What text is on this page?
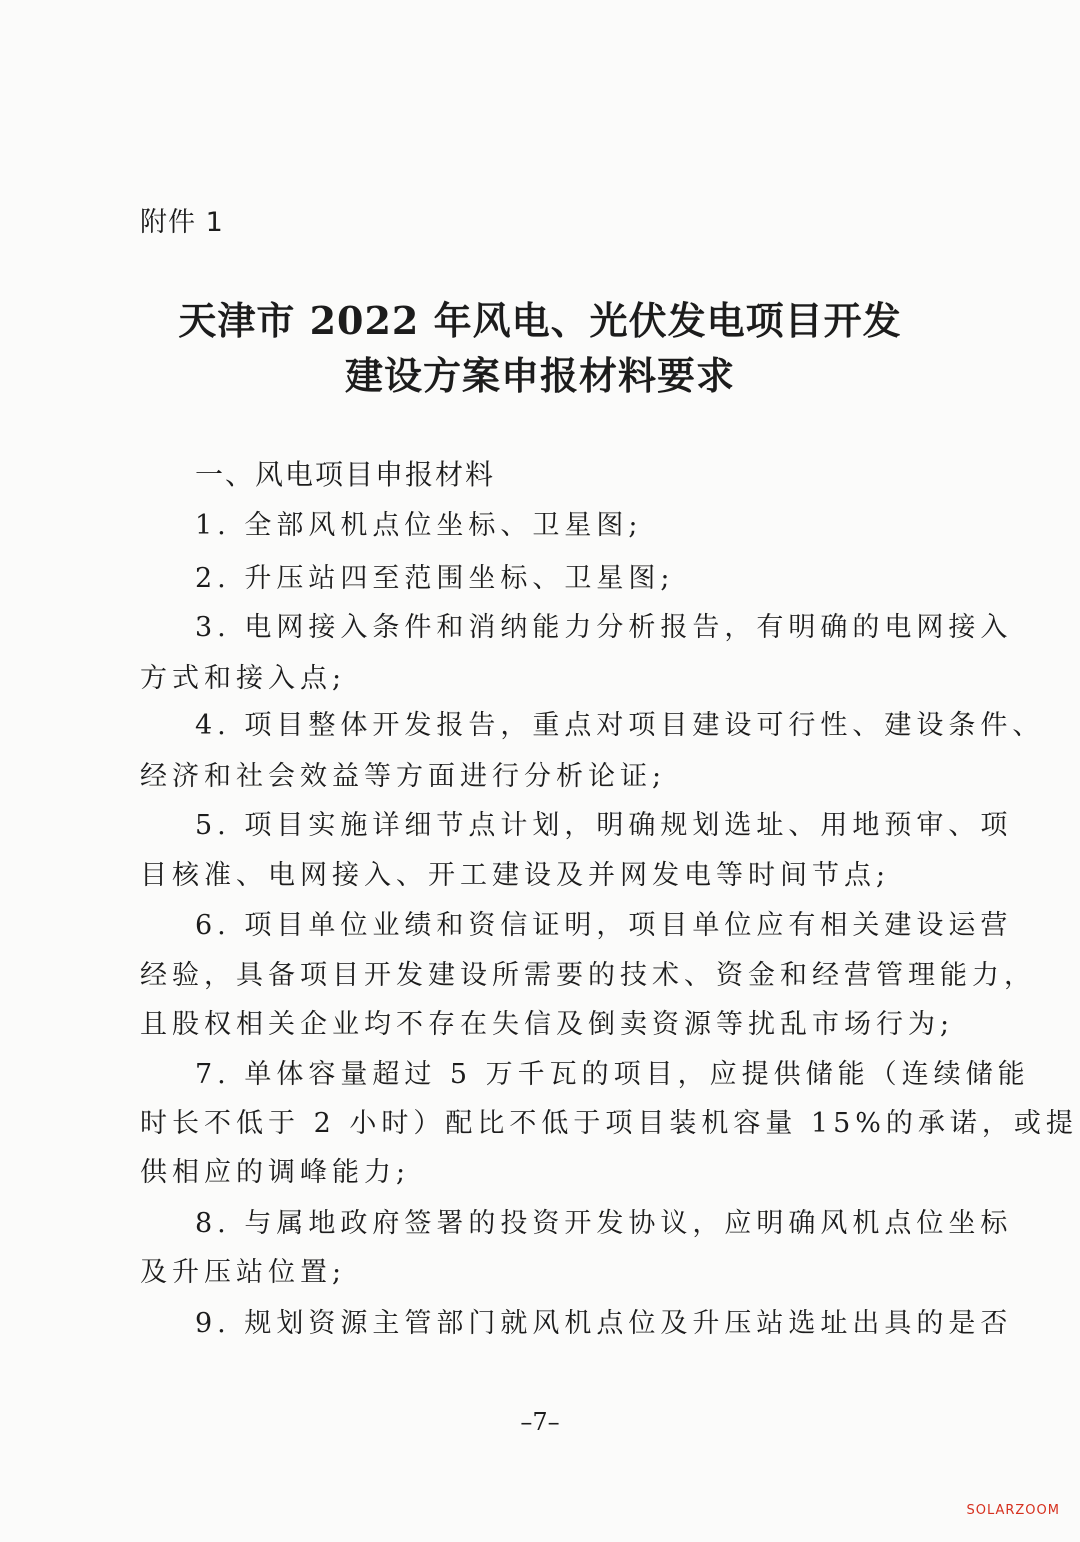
附件 1
天津市 2022 年风电、光伏发电项目开发
建设方案申报材料要求
一、风电项目申报材料
1. 全部风机点位坐标、卫星图;
2. 升压站四至范围坐标、卫星图;
3. 电网接入条件和消纳能力分析报告，有明确的电网接入
方式和接入点;
4. 项目整体开发报告，重点对项目建设可行性、建设条件、
经济和社会效益等方面进行分析论证;
5. 项目实施详细节点计划，明确规划选址、用地预审、项
目核准、电网接入、开工建设及并网发电等时间节点;
6. 项目单位业绩和资信证明，项目单位应有相关建设运营
经验，具备项目开发建设所需要的技术、资金和经营管理能力，
且股权相关企业均不存在失信及倒卖资源等扰乱市场行为;
7. 单体容量超过 5 万千瓦的项目，应提供储能（连续储能
时长不低于 2 小时）配比不低于项目装机容量 15%的承诺，或提
供相应的调峰能力;
8. 与属地政府签署的投资开发协议，应明确风机点位坐标
及升压站位置;
9. 规划资源主管部门就风机点位及升压站选址出具的是否
–7–
SOLARZOOM
